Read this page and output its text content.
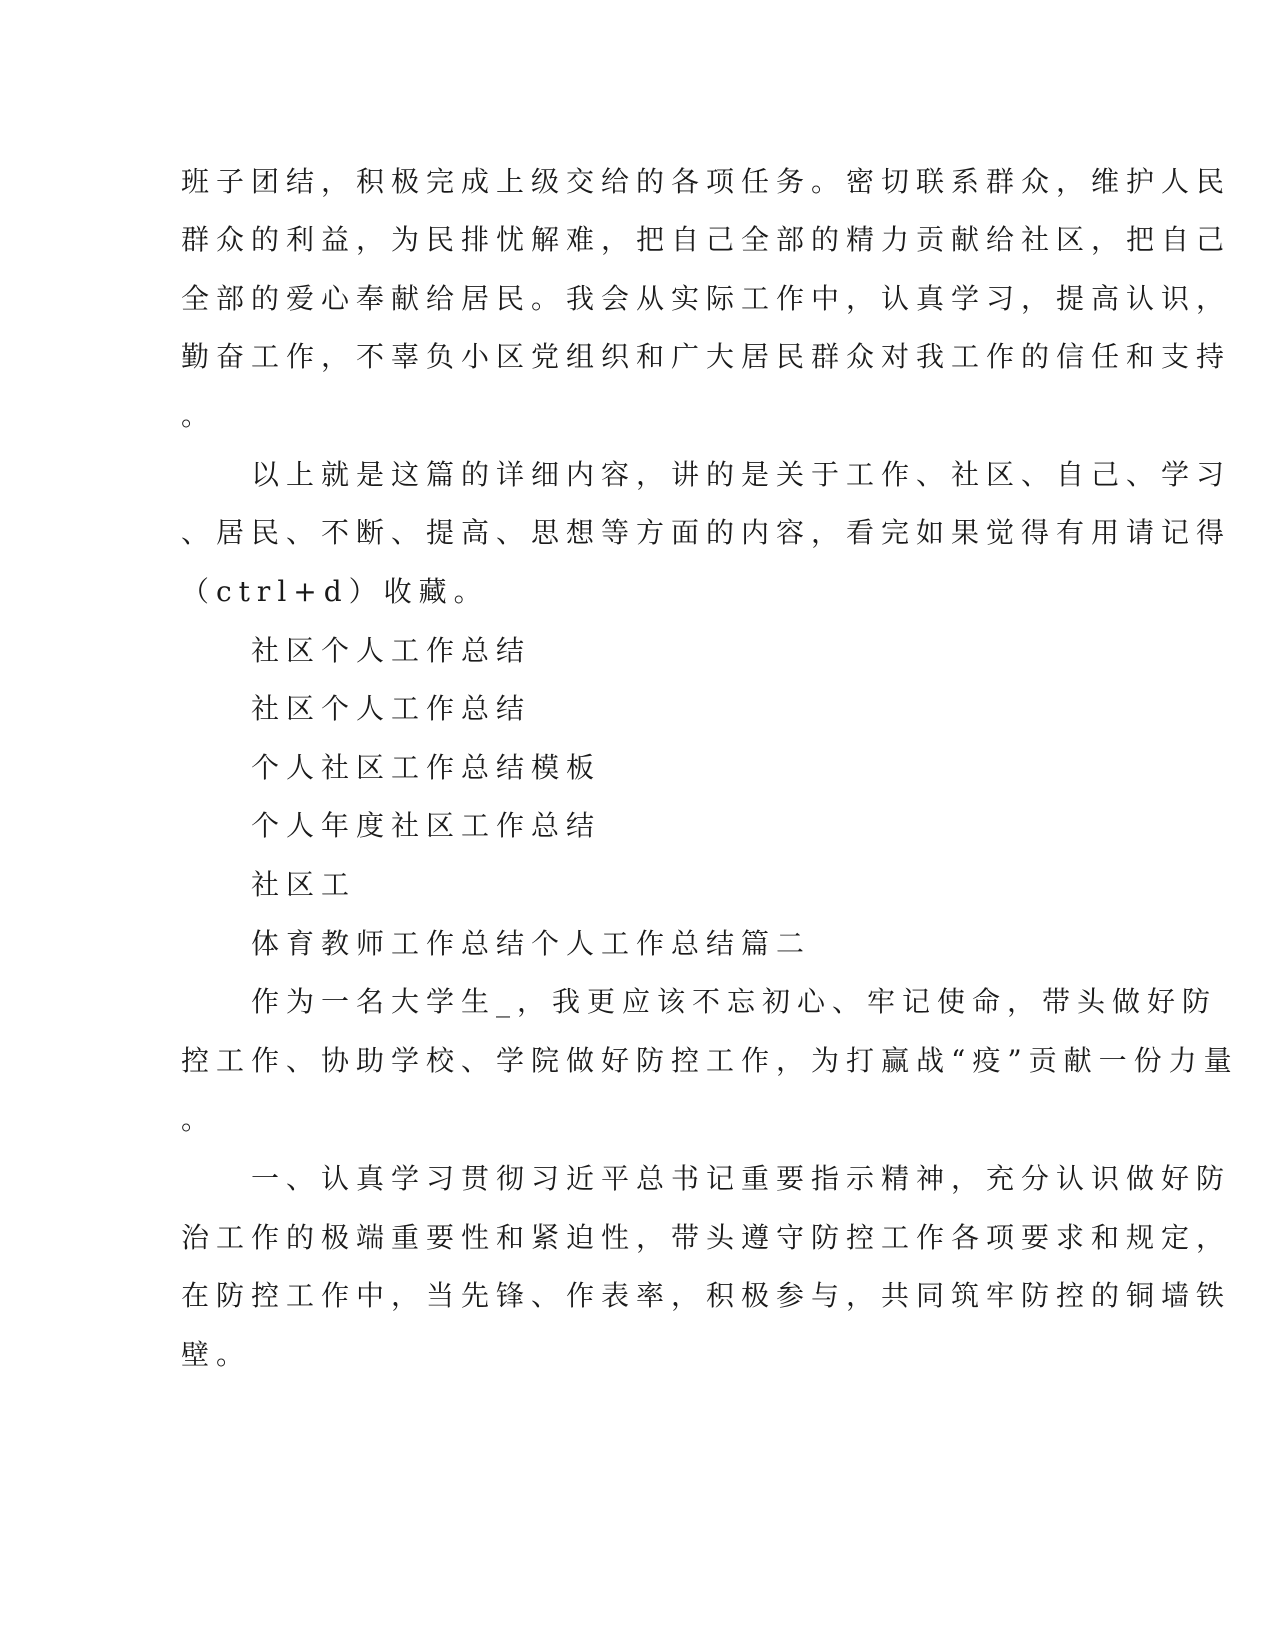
班子团结，积极完成上级交给的各项任务。密切联系群众，维护人民
群众的利益，为民排忧解难，把自己全部的精力贡献给社区，把自己
全部的爱心奉献给居民。我会从实际工作中，认真学习，提高认识，
勤奋工作，不辜负小区党组织和广大居民群众对我工作的信任和支持
。
以上就是这篇的详细内容，讲的是关于工作、社区、自己、学习
、居民、不断、提高、思想等方面的内容，看完如果觉得有用请记得
（ctrl+d）收藏。
社区个人工作总结
社区个人工作总结
个人社区工作总结模板
个人年度社区工作总结
社区工
体育教师工作总结个人工作总结篇二
作为一名大学生_，我更应该不忘初心、牢记使命，带头做好防
控工作、协助学校、学院做好防控工作，为打赢战“疫”贡献一份力量
。
一、认真学习贯彻习近平总书记重要指示精神，充分认识做好防
治工作的极端重要性和紧迫性，带头遵守防控工作各项要求和规定，
在防控工作中，当先锋、作表率，积极参与，共同筑牢防控的铜墙铁
壁。
